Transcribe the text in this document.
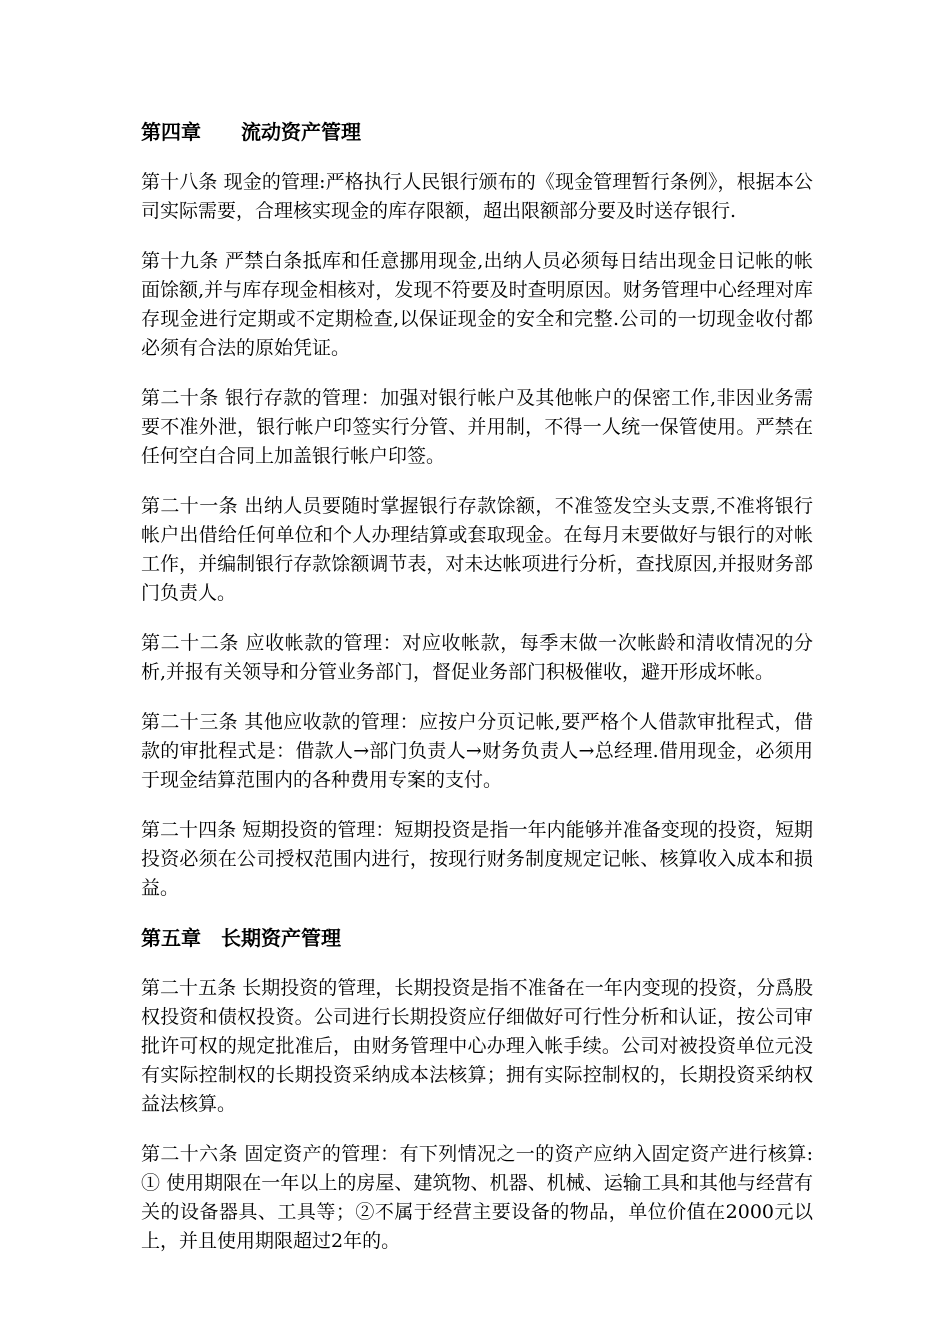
第四章　　流动资产管理

第十八条 现金的管理:严格执行人民银行颁布的《现金管理暂行条例》，根据本公司实际需要，合理核实现金的库存限额，超出限额部分要及时送存银行.

第十九条 严禁白条抵库和任意挪用现金,出纳人员必须每日结出现金日记帐的帐面馀额,并与库存现金相核对，发现不符要及时查明原因。财务管理中心经理对库存现金进行定期或不定期检查,以保证现金的安全和完整.公司的一切现金收付都必须有合法的原始凭证。

第二十条 银行存款的管理：加强对银行帐户及其他帐户的保密工作,非因业务需要不准外泄，银行帐户印签实行分管、并用制，不得一人统一保管使用。严禁在任何空白合同上加盖银行帐户印签。

第二十一条 出纳人员要随时掌握银行存款馀额，不准签发空头支票,不准将银行帐户出借给任何单位和个人办理结算或套取现金。在每月末要做好与银行的对帐工作，并编制银行存款馀额调节表，对未达帐项进行分析，查找原因,并报财务部门负责人。

第二十二条 应收帐款的管理：对应收帐款，每季末做一次帐龄和清收情况的分析,并报有关领导和分管业务部门，督促业务部门积极催收，避开形成坏帐。

第二十三条 其他应收款的管理：应按户分页记帐,要严格个人借款审批程式，借款的审批程式是：借款人→部门负责人→财务负责人→总经理.借用现金，必须用于现金结算范围内的各种费用专案的支付。

第二十四条 短期投资的管理：短期投资是指一年内能够并准备变现的投资，短期投资必须在公司授权范围内进行，按现行财务制度规定记帐、核算收入成本和损益。

第五章　长期资产管理

第二十五条 长期投资的管理，长期投资是指不准备在一年内变现的投资，分爲股权投资和债权投资。公司进行长期投资应仔细做好可行性分析和认证，按公司审批许可权的规定批准后，由财务管理中心办理入帐手续。公司对被投资单位元没有实际控制权的长期投资采纳成本法核算；拥有实际控制权的，长期投资采纳权益法核算。

第二十六条 固定资产的管理：有下列情况之一的资产应纳入固定资产进行核算:① 使用期限在一年以上的房屋、建筑物、机器、机械、运输工具和其他与经营有关的设备器具、工具等；②不属于经营主要设备的物品，单位价值在2000元以上，并且使用期限超过2年的。
